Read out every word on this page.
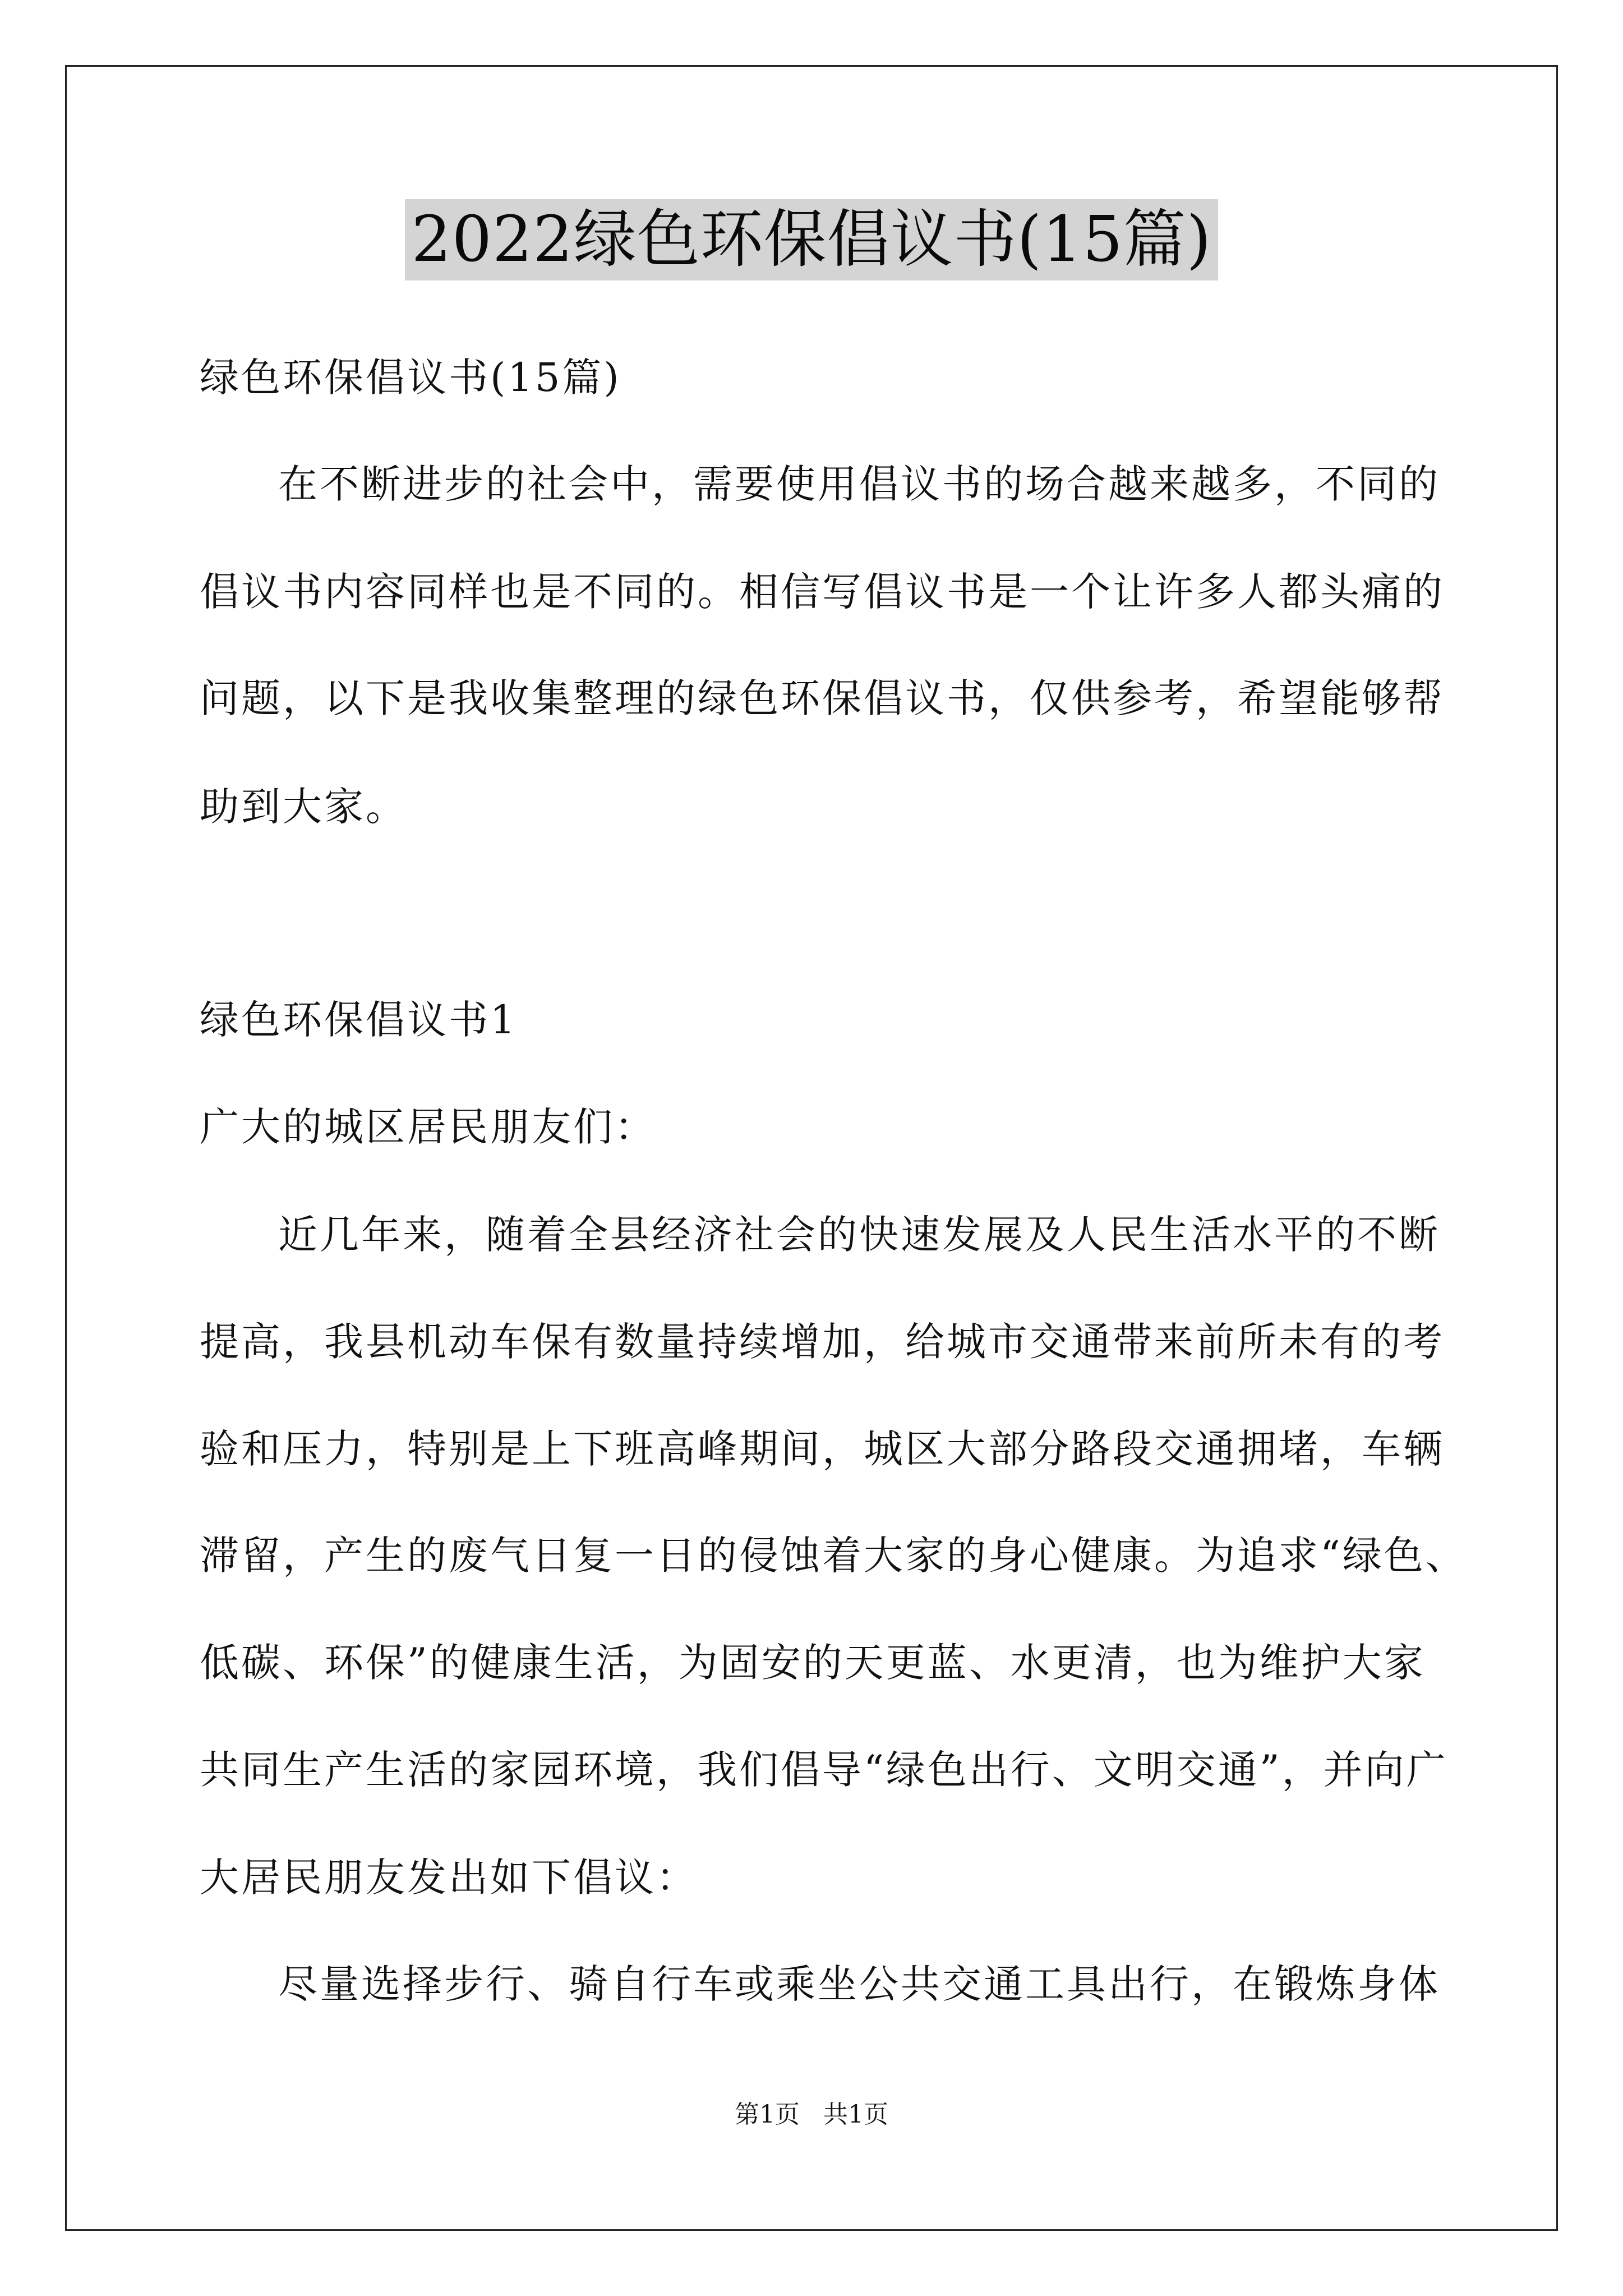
2022绿色环保倡议书(15篇)
绿色环保倡议书(15篇)
在不断进步的社会中，需要使用倡议书的场合越来越多，不同的
倡议书内容同样也是不同的。相信写倡议书是一个让许多人都头痛的
问题，以下是我收集整理的绿色环保倡议书，仅供参考，希望能够帮
助到大家。
绿色环保倡议书1
广大的城区居民朋友们：
近几年来，随着全县经济社会的快速发展及人民生活水平的不断
提高，我县机动车保有数量持续增加，给城市交通带来前所未有的考
验和压力，特别是上下班高峰期间，城区大部分路段交通拥堵，车辆
滞留，产生的废气日复一日的侵蚀着大家的身心健康。为追求“绿色、
低碳、环保”的健康生活，为固安的天更蓝、水更清，也为维护大家
共同生产生活的家园环境，我们倡导“绿色出行、文明交通”，并向广
大居民朋友发出如下倡议：
尽量选择步行、骑自行车或乘坐公共交通工具出行，在锻炼身体
第1页   共1页
